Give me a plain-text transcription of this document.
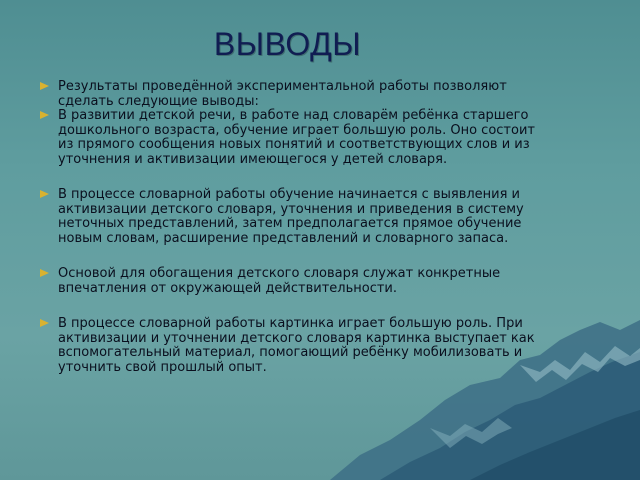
ВЫВОДЫ
Результаты проведённой экспериментальной работы позволяют сделать следующие выводы:
В развитии детской речи, в работе над словарём ребёнка старшего дошкольного возраста, обучение играет большую роль. Оно состоит из прямого сообщения новых понятий и соответствующих слов и из уточнения и активизации имеющегося у детей словаря.
В процессе словарной работы обучение начинается с выявления и активизации детского словаря, уточнения и приведения в систему неточных представлений, затем предполагается прямое обучение новым словам, расширение представлений и словарного запаса.
Основой для обогащения детского словаря служат конкретные впечатления от окружающей действительности.
В процессе словарной работы картинка играет большую роль. При активизации и уточнении детского словаря картинка выступает как вспомогательный материал, помогающий ребёнку мобилизовать и уточнить свой прошлый опыт.
